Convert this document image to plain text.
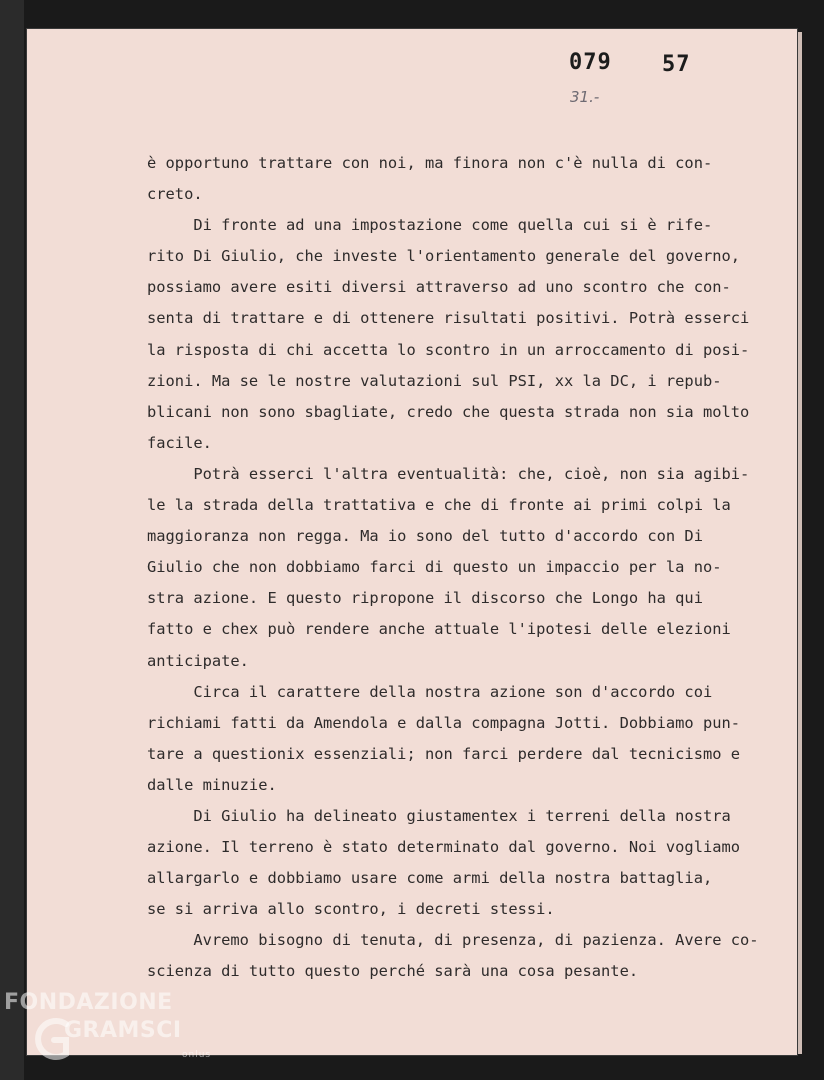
079 57
31.-
è opportuno trattare con noi, ma finora non c'è nulla di con-
creto.
Di fronte ad una impostazione come quella cui si è rife-
rito Di Giulio, che investe l'orientamento generale del governo,
possiamo avere esiti diversi attraverso ad uno scontro che con-
senta di trattare e di ottenere risultati positivi. Potrà esserci
la risposta di chi accetta lo scontro in un arroccamento di posi-
zioni. Ma se le nostre valutazioni sul PSI, xx la DC, i repub-
blicani non sono sbagliate, credo che questa strada non sia molto
facile.
Potrà esserci l'altra eventualità: che, cioè, non sia agibi-
le la strada della trattativa e che di fronte ai primi colpi la
maggioranza non regga. Ma io sono del tutto d'accordo con Di
Giulio che non dobbiamo farci di questo un impaccio per la no-
stra azione. E questo ripropone il discorso che Longo ha qui
fatto e chex può rendere anche attuale l'ipotesi delle elezioni
anticipate.
Circa il carattere della nostra azione son d'accordo coi
richiami fatti da Amendola e dalla compagna Jotti. Dobbiamo pun-
tare a questionix essenziali; non farci perdere dal tecnicismo e
dalle minuzie.
Di Giulio ha delineato giustamentex i terreni della nostra
azione. Il terreno è stato determinato dal governo. Noi vogliamo
allargarlo e dobbiamo usare come armi della nostra battaglia,
se si arriva allo scontro, i decreti stessi.
Avremo bisogno di tenuta, di presenza, di pazienza. Avere co-
scienza di tutto questo perché sarà una cosa pesante.
FONDAZIONE
GRAMSCI
onlus
